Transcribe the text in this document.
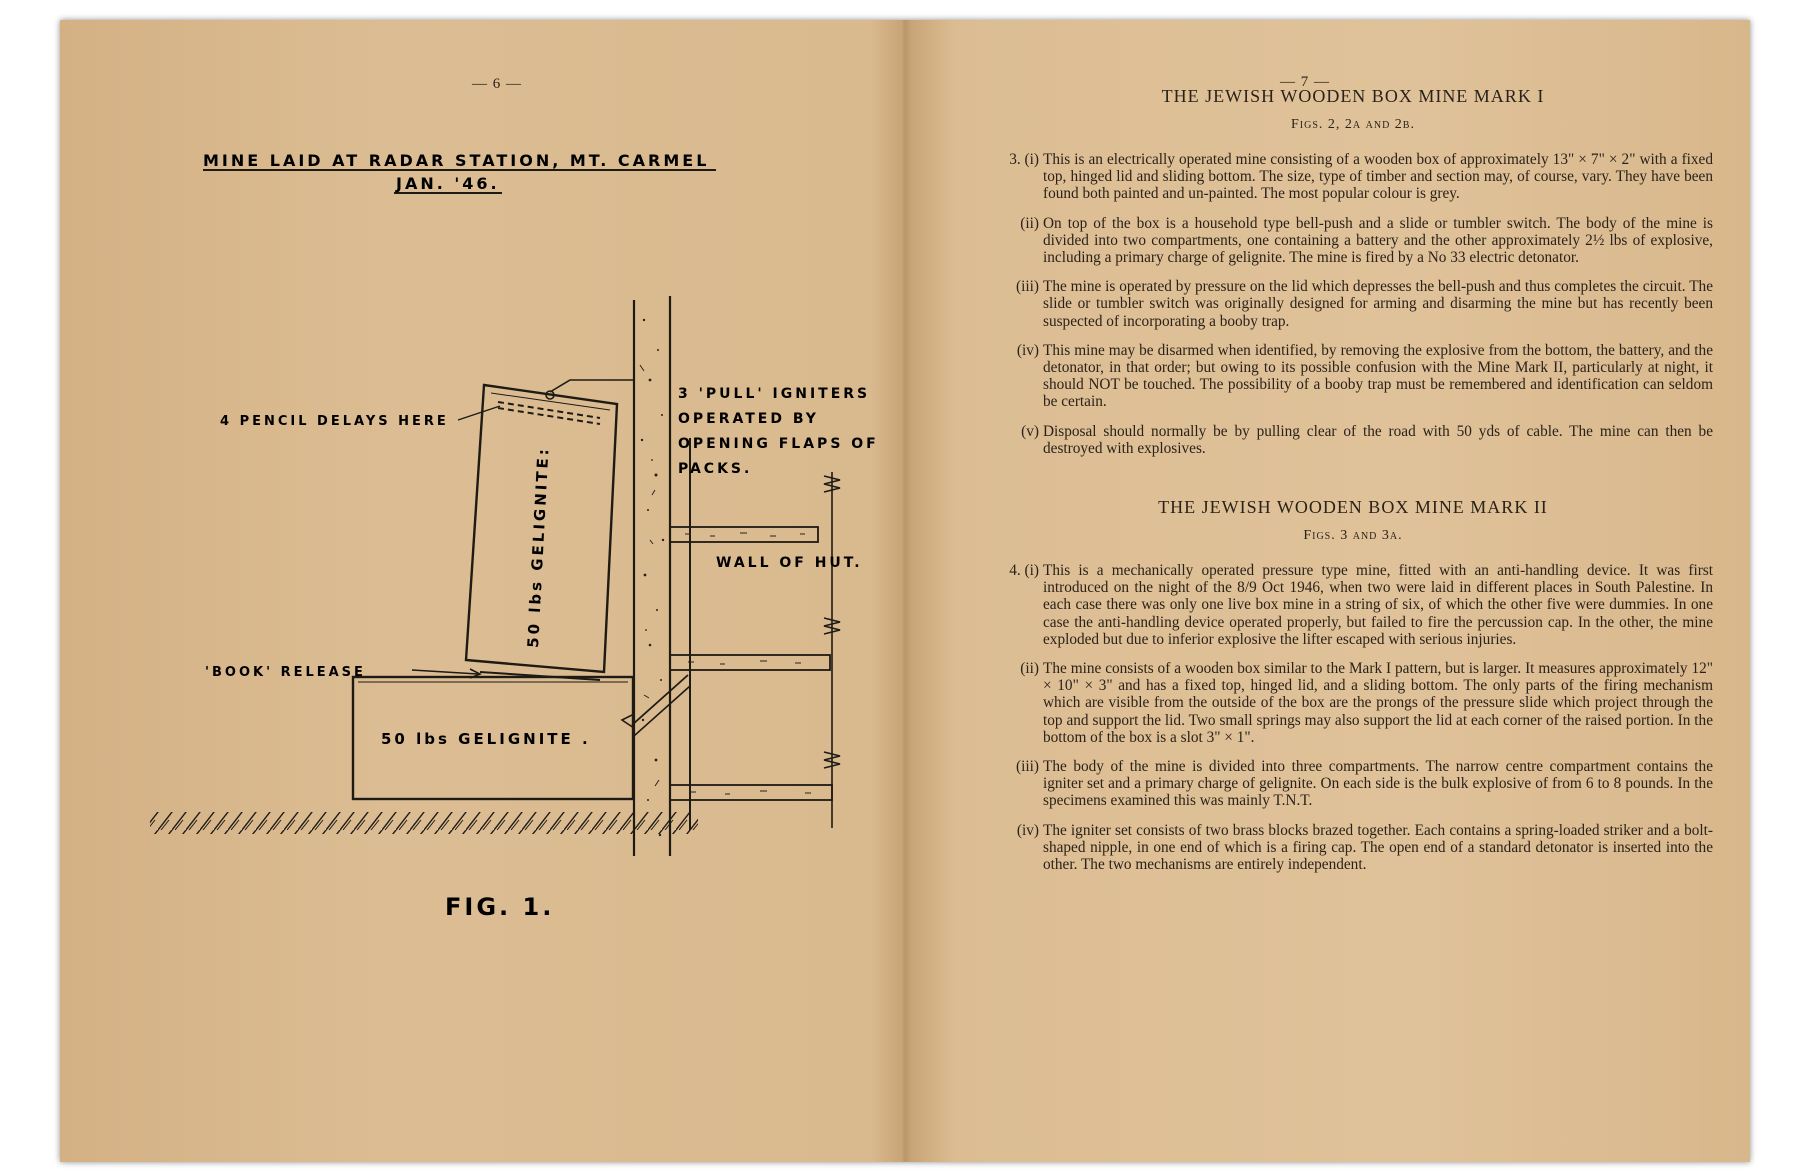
— 6 —
MINE LAID AT RADAR STATION, MT. CARMEL
JAN. '46.
4 PENCIL DELAYS HERE
3 'PULL' IGNITERS
OPERATED BY
OPENING FLAPS OF
PACKS.
WALL OF HUT.
50 lbs GELIGNITE:
'BOOK' RELEASE
50 lbs GELIGNITE .
FIG. 1.
— 7 —
THE JEWISH WOODEN BOX MINE MARK I
Figs. 2, 2a and 2b.
3. (i) This is an electrically operated mine consisting of a wooden box of approximately 13" × 7" × 2" with a fixed top, hinged lid and sliding bottom. The size, type of timber and section may, of course, vary. They have been found both painted and un-painted. The most popular colour is grey.
(ii) On top of the box is a household type bell-push and a slide or tumbler switch. The body of the mine is divided into two compartments, one containing a battery and the other approximately 2½ lbs of explosive, including a primary charge of gelignite. The mine is fired by a No 33 electric detonator.
(iii) The mine is operated by pressure on the lid which depresses the bell-push and thus completes the circuit. The slide or tumbler switch was originally designed for arming and disarming the mine but has recently been suspected of incorporating a booby trap.
(iv) This mine may be disarmed when identified, by removing the explosive from the bottom, the battery, and the detonator, in that order; but owing to its possible confusion with the Mine Mark II, particularly at night, it should NOT be touched. The possibility of a booby trap must be remembered and identification can seldom be certain.
(v) Disposal should normally be by pulling clear of the road with 50 yds of cable. The mine can then be destroyed with explosives.
THE JEWISH WOODEN BOX MINE MARK II
Figs. 3 and 3a.
4. (i) This is a mechanically operated pressure type mine, fitted with an anti-handling device. It was first introduced on the night of the 8/9 Oct 1946, when two were laid in different places in South Palestine. In each case there was only one live box mine in a string of six, of which the other five were dummies. In one case the anti-handling device operated properly, but failed to fire the percussion cap. In the other, the mine exploded but due to inferior explosive the lifter escaped with serious injuries.
(ii) The mine consists of a wooden box similar to the Mark I pattern, but is larger. It measures approximately 12" × 10" × 3" and has a fixed top, hinged lid, and a sliding bottom. The only parts of the firing mechanism which are visible from the outside of the box are the prongs of the pressure slide which project through the top and support the lid. Two small springs may also support the lid at each corner of the raised portion. In the bottom of the box is a slot 3" × 1".
(iii) The body of the mine is divided into three compartments. The narrow centre compartment contains the igniter set and a primary charge of gelignite. On each side is the bulk explosive of from 6 to 8 pounds. In the specimens examined this was mainly T.N.T.
(iv) The igniter set consists of two brass blocks brazed together. Each contains a spring-loaded striker and a bolt-shaped nipple, in one end of which is a firing cap. The open end of a standard detonator is inserted into the other. The two mechanisms are entirely independent.
